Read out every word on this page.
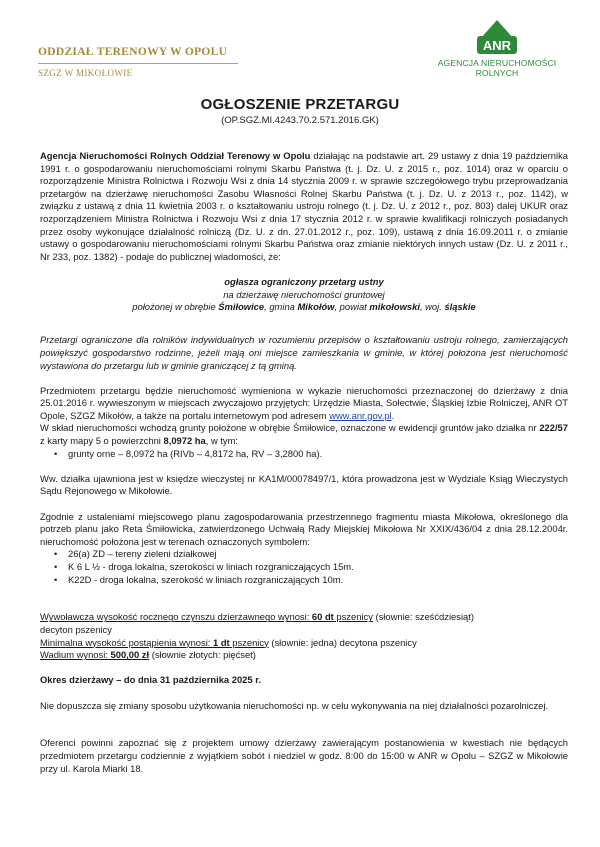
ODDZIAŁ TERENOWY W OPOLU
SZGZ W MIKOŁOWIE
ANR
AGENCJA NIERUCHOMOŚCI ROLNYCH
OGŁOSZENIE PRZETARGU
(OP.SGZ.MI.4243.70.2.571.2016.GK)

Agencja Nieruchomości Rolnych Oddział Terenowy w Opolu działając na podstawie art. 29 ustawy z dnia 19 października 1991 r. o gospodarowaniu nieruchomościami rolnymi Skarbu Państwa (t. j. Dz. U. z 2015 r., poz. 1014) oraz w oparciu o rozporządzenie Ministra Rolnictwa i Rozwoju Wsi z dnia 14 stycznia 2009 r. w sprawie szczegółowego trybu przeprowadzania przetargów na dzierżawę nieruchomości Zasobu Własności Rolnej Skarbu Państwa (t. j. Dz. U. z 2013 r., poz. 1142), w związku z ustawą z dnia 11 kwietnia 2003 r. o kształtowaniu ustroju rolnego (t. j. Dz. U. z 2012 r., poz. 803) dalej UKUR oraz rozporządzeniem Ministra Rolnictwa i Rozwoju Wsi z dnia 17 stycznia 2012 r. w sprawie kwalifikacji rolniczych posiadanych przez osoby wykonujące działalność rolniczą (Dz. U. z dn. 27.01.2012 r., poz. 109), ustawą z dnia 16.09.2011 r. o zmianie ustawy o gospodarowaniu nieruchomościami rolnymi Skarbu Państwa oraz zmianie niektórych innych ustaw (Dz. U. z 2011 r., Nr 233, poz. 1382) - podaje do publicznej wiadomości, że:

ogłasza ograniczony przetarg ustny

na dzierżawę nieruchomości gruntowej

położonej w obrębie Śmiłowice, gmina Mikołów, powiat mikołowski, woj. śląskie

Przetargi ograniczone dla rolników indywidualnych w rozumieniu przepisów o kształtowaniu ustroju rolnego, zamierzających powiększyć gospodarstwo rodzinne, jeżeli mają oni miejsce zamieszkania w gminie, w której położona jest nieruchomość wystawiona do przetargu lub w gminie graniczącej z tą gminą.

Przedmiotem przetargu będzie nieruchomość wymieniona w wykazie nieruchomości przeznaczonej do dzierżawy z dnia 25.01.2016 r. wywieszonym w miejscach zwyczajowo przyjętych: Urzędzie Miasta, Sołectwie, Śląskiej Izbie Rolniczej, ANR OT Opole, SZGZ Mikołów, a także na portalu internetowym pod adresem www.anr.gov.pl.

W skład nieruchomości wchodzą grunty położone w obrębie Śmiłowice, oznaczone w ewidencji gruntów jako działka nr 222/57 z karty mapy 5 o powierzchni 8,0972 ha, w tym:

•	grunty orne – 8,0972 ha (RIVb – 4,8172 ha, RV – 3,2800 ha).

Ww. działka ujawniona jest w księdze wieczystej nr KA1M/00078497/1, która prowadzona jest w Wydziale Ksiąg Wieczystych Sądu Rejonowego w Mikołowie.

Zgodnie z ustaleniami miejscowego planu zagospodarowania przestrzennego fragmentu miasta Mikołowa, określonego dla potrzeb planu jako Reta Śmiłowicka, zatwierdzonego Uchwałą Rady Miejskiej Mikołowa Nr XXIX/436/04 z dnia 28.12.2004r. nieruchomość położona jest w terenach oznaczonych symbolem:

•	26(a) ZD – tereny zieleni działkowej
•	K 6 L ½ - droga lokalna, szerokości w liniach rozgraniczających 15m.
•	K22D - droga lokalna, szerokość w liniach rozgraniczających 10m.

Wywoławcza wysokość rocznego czynszu dzierżawnego wynosi: 60 dt pszenicy (słownie: sześćdziesiąt)

decyton pszenicy

Minimalna wysokość postąpienia wynosi: 1 dt pszenicy (słownie: jedna) decytona pszenicy

Wadium wynosi: 500,00 zł (słownie złotych: pięćset)

Okres dzierżawy – do dnia 31 października 2025 r.

Nie dopuszcza się zmiany sposobu użytkowania nieruchomości np. w celu wykonywania na niej działalności pozarolniczej.

Oferenci powinni zapoznać się z projektem umowy dzierżawy zawierającym postanowienia w kwestiach nie będących przedmiotem przetargu codziennie z wyjątkiem sobót i niedziel w godz. 8:00 do 15:00 w ANR w Opolu – SZGZ w Mikołowie przy ul. Karola Miarki 18.
